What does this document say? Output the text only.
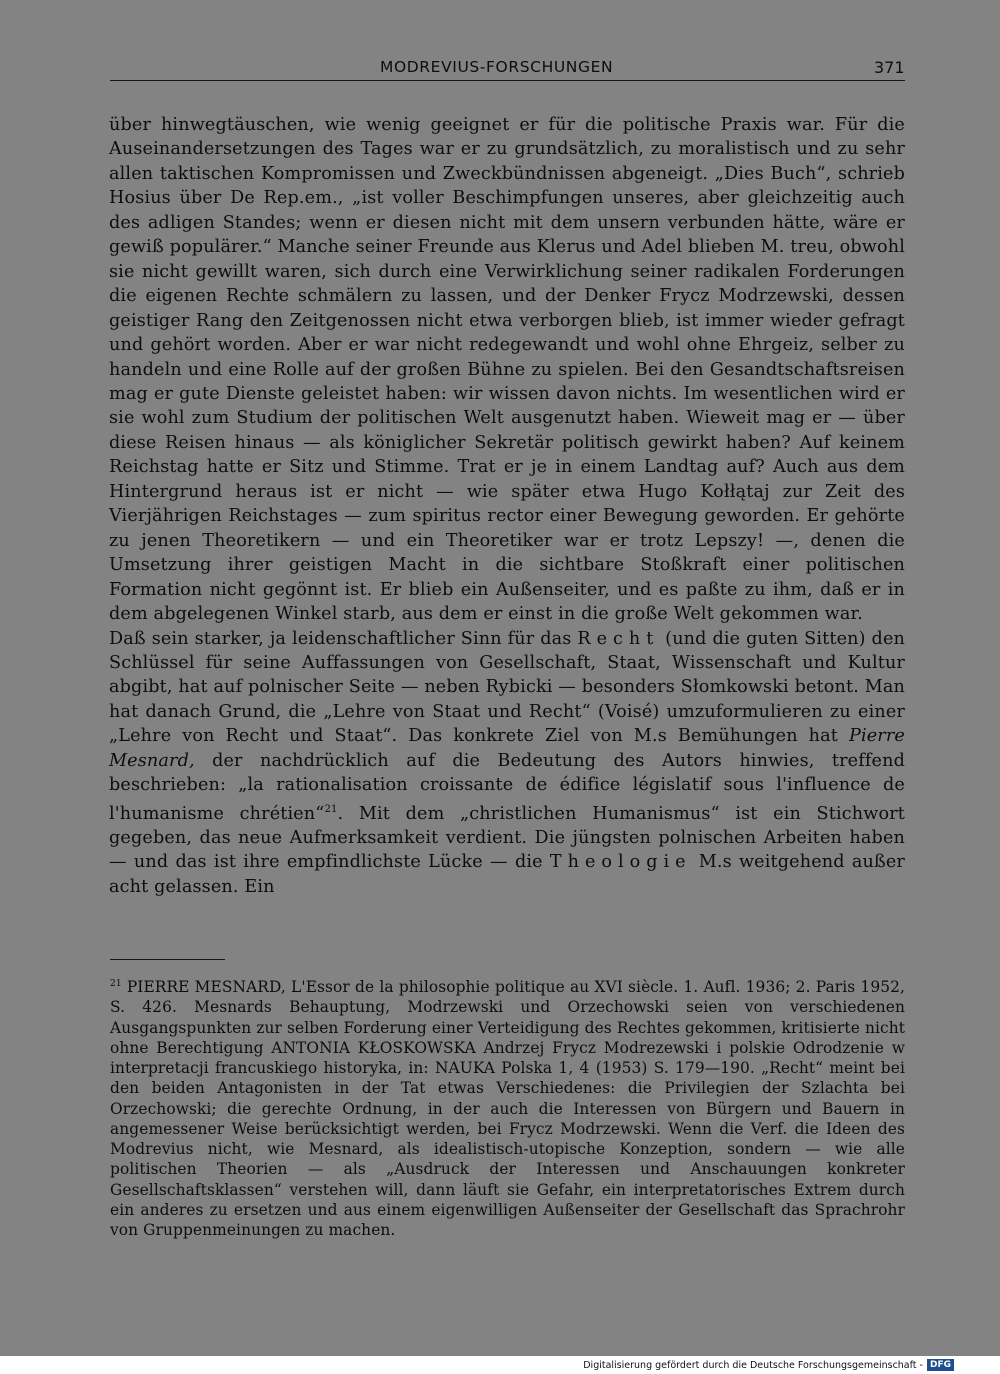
MODREVIUS-FORSCHUNGEN	371

über hinwegtäuschen, wie wenig geeignet er für die politische Praxis war. Für die Auseinandersetzungen des Tages war er zu grundsätzlich, zu moralistisch und zu sehr allen taktischen Kompromissen und Zweckbündnissen abgeneigt. „Dies Buch“, schrieb Hosius über De Rep.em., „ist voller Beschimpfungen unseres, aber gleichzeitig auch des adligen Standes; wenn er diesen nicht mit dem unsern verbunden hätte, wäre er gewiß populärer.“ Manche seiner Freunde aus Klerus und Adel blieben M. treu, obwohl sie nicht gewillt waren, sich durch eine Verwirklichung seiner radikalen Forderungen die eigenen Rechte schmälern zu lassen, und der Denker Frycz Modrzewski, dessen geistiger Rang den Zeitgenossen nicht etwa verborgen blieb, ist immer wieder gefragt und gehört worden. Aber er war nicht redegewandt und wohl ohne Ehrgeiz, selber zu handeln und eine Rolle auf der großen Bühne zu spielen. Bei den Gesandtschaftsreisen mag er gute Dienste geleistet haben: wir wissen davon nichts. Im wesentlichen wird er sie wohl zum Studium der politischen Welt ausgenutzt haben. Wieweit mag er — über diese Reisen hinaus — als königlicher Sekretär politisch gewirkt haben? Auf keinem Reichstag hatte er Sitz und Stimme. Trat er je in einem Landtag auf? Auch aus dem Hintergrund heraus ist er nicht — wie später etwa Hugo Kołłątaj zur Zeit des Vierjährigen Reichstages — zum spiritus rector einer Bewegung geworden. Er gehörte zu jenen Theoretikern — und ein Theoretiker war er trotz Lepszy! —, denen die Umsetzung ihrer geistigen Macht in die sichtbare Stoßkraft einer politischen Formation nicht gegönnt ist. Er blieb ein Außenseiter, und es paßte zu ihm, daß er in dem abgelegenen Winkel starb, aus dem er einst in die große Welt gekommen war.

Daß sein starker, ja leidenschaftlicher Sinn für das Recht (und die guten Sitten) den Schlüssel für seine Auffassungen von Gesellschaft, Staat, Wissenschaft und Kultur abgibt, hat auf polnischer Seite — neben Rybicki — besonders Słomkowski betont. Man hat danach Grund, die „Lehre von Staat und Recht“ (Voisé) umzuformulieren zu einer „Lehre von Recht und Staat“. Das konkrete Ziel von M.s Bemühungen hat Pierre Mesnard, der nachdrücklich auf die Bedeutung des Autors hinwies, treffend beschrieben: „la rationalisation croissante de édifice législatif sous l'influence de l'humanisme chrétien“$^{21}$. Mit dem „christlichen Humanismus“ ist ein Stichwort gegeben, das neue Aufmerksamkeit verdient. Die jüngsten polnischen Arbeiten haben — und das ist ihre empfindlichste Lücke — die Theologie M.s weitgehend außer acht gelassen. Ein

$^{21}$ PIERRE MESNARD, L'Essor de la philosophie politique au XVI siècle. 1. Aufl. 1936; 2. Paris 1952, S. 426. Mesnards Behauptung, Modrzewski und Orzechowski seien von verschiedenen Ausgangspunkten zur selben Forderung einer Verteidigung des Rechtes gekommen, kritisierte nicht ohne Berechtigung ANTONIA KŁOSKOWSKA Andrzej Frycz Modrezewski i polskie Odrodzenie w interpretacji francuskiego historyka, in: NAUKA Polska 1, 4 (1953) S. 179—190. „Recht“ meint bei den beiden Antagonisten in der Tat etwas Verschiedenes: die Privilegien der Szlachta bei Orzechowski; die gerechte Ordnung, in der auch die Interessen von Bürgern und Bauern in angemessener Weise berücksichtigt werden, bei Frycz Modrzewski. Wenn die Verf. die Ideen des Modrevius nicht, wie Mesnard, als idealistisch-utopische Konzeption, sondern — wie alle politischen Theorien — als „Ausdruck der Interessen und Anschauungen konkreter Gesellschaftsklassen“ verstehen will, dann läuft sie Gefahr, ein interpretatorisches Extrem durch ein anderes zu ersetzen und aus einem eigenwilligen Außenseiter der Gesellschaft das Sprachrohr von Gruppenmeinungen zu machen.

Digitalisierung gefördert durch die Deutsche Forschungsgemeinschaft - DFG
